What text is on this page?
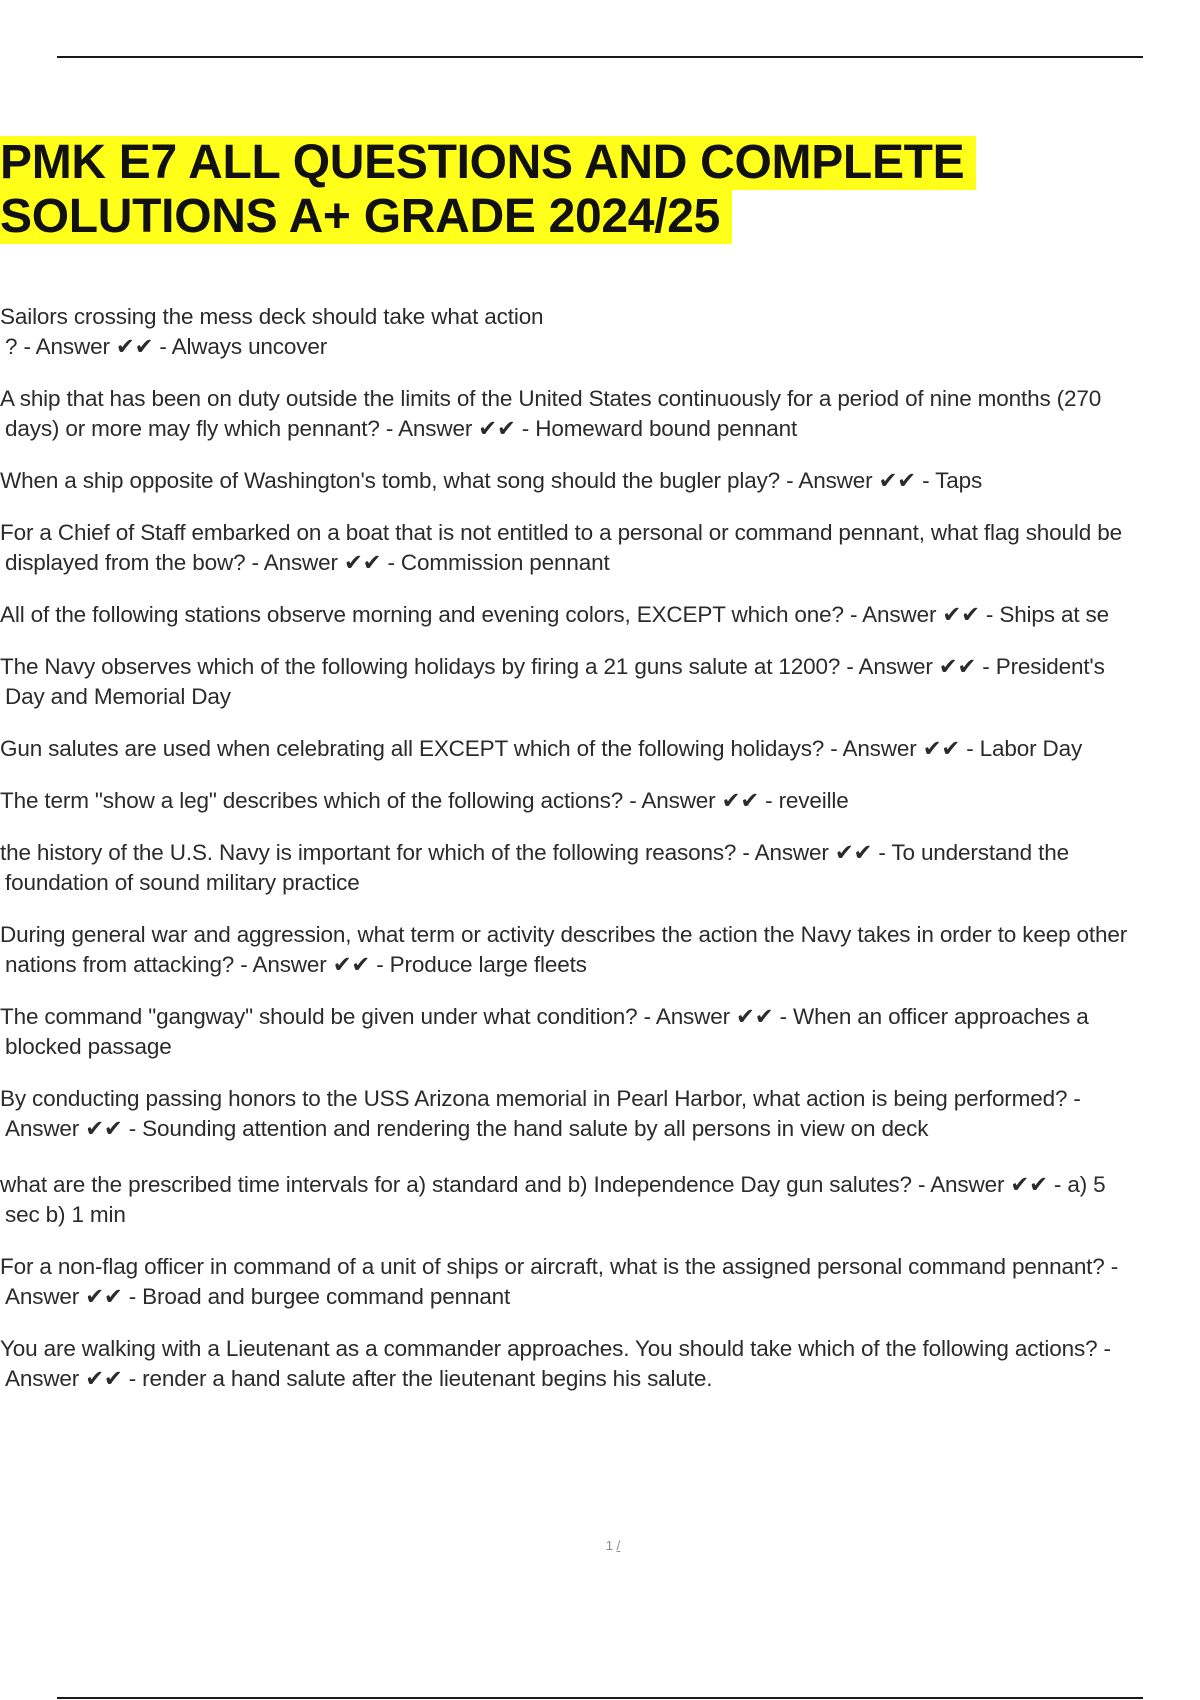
PMK E7 ALL QUESTIONS AND COMPLETE
SOLUTIONS A+ GRADE 2024/25

Sailors crossing the mess deck should take what action
? - Answer ✔✔ - Always uncover

A ship that has been on duty outside the limits of the United States continuously for a period of nine months (270
days) or more may fly which pennant? - Answer ✔✔ - Homeward bound pennant

When a ship opposite of Washington's tomb, what song should the bugler play? - Answer ✔✔ - Taps

For a Chief of Staff embarked on a boat that is not entitled to a personal or command pennant, what flag should be
displayed from the bow? - Answer ✔✔ - Commission pennant

All of the following stations observe morning and evening colors, EXCEPT which one? - Answer ✔✔ - Ships at se

The Navy observes which of the following holidays by firing a 21 guns salute at 1200? - Answer ✔✔ - President's
Day and Memorial Day

Gun salutes are used when celebrating all EXCEPT which of the following holidays? - Answer ✔✔ - Labor Day

The term "show a leg" describes which of the following actions? - Answer ✔✔ - reveille

the history of the U.S. Navy is important for which of the following reasons? - Answer ✔✔ - To understand the
foundation of sound military practice

During general war and aggression, what term or activity describes the action the Navy takes in order to keep other
nations from attacking? - Answer ✔✔ - Produce large fleets

The command "gangway" should be given under what condition? - Answer ✔✔ - When an officer approaches a
blocked passage

By conducting passing honors to the USS Arizona memorial in Pearl Harbor, what action is being performed? -
Answer ✔✔ - Sounding attention and rendering the hand salute by all persons in view on deck

what are the prescribed time intervals for a) standard and b) Independence Day gun salutes? - Answer ✔✔ - a) 5
sec b) 1 min

For a non-flag officer in command of a unit of ships or aircraft, what is the assigned personal command pennant? -
Answer ✔✔ - Broad and burgee command pennant

You are walking with a Lieutenant as a commander approaches. You should take which of the following actions? -
Answer ✔✔ - render a hand salute after the lieutenant begins his salute.

1 /
